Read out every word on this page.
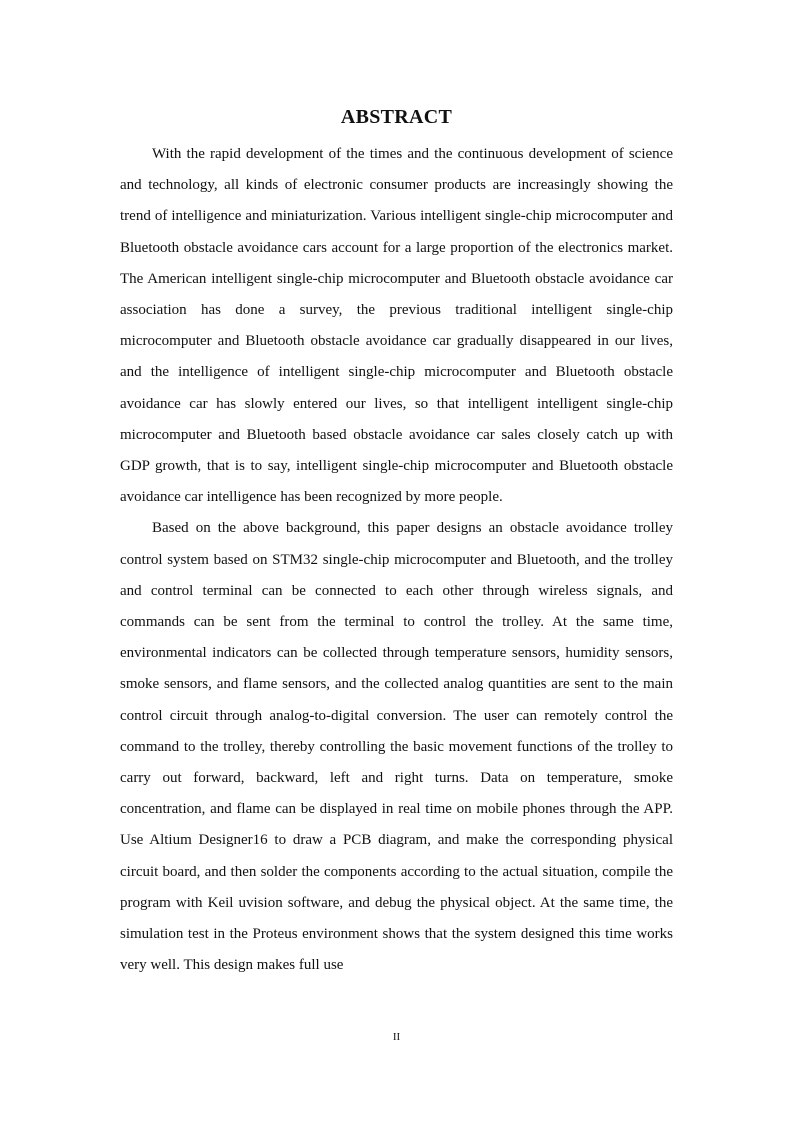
ABSTRACT

With the rapid development of the times and the continuous development of science and technology, all kinds of electronic consumer products are increasingly showing the trend of intelligence and miniaturization. Various intelligent single-chip microcomputer and Bluetooth obstacle avoidance cars account for a large proportion of the electronics market. The American intelligent single-chip microcomputer and Bluetooth obstacle avoidance car association has done a survey, the previous traditional intelligent single-chip microcomputer and Bluetooth obstacle avoidance car gradually disappeared in our lives, and the intelligence of intelligent single-chip microcomputer and Bluetooth obstacle avoidance car has slowly entered our lives, so that intelligent intelligent single-chip microcomputer and Bluetooth based obstacle avoidance car sales closely catch up with GDP growth, that is to say, intelligent single-chip microcomputer and Bluetooth obstacle avoidance car intelligence has been recognized by more people.

Based on the above background, this paper designs an obstacle avoidance trolley control system based on STM32 single-chip microcomputer and Bluetooth, and the trolley and control terminal can be connected to each other through wireless signals, and commands can be sent from the terminal to control the trolley. At the same time, environmental indicators can be collected through temperature sensors, humidity sensors, smoke sensors, and flame sensors, and the collected analog quantities are sent to the main control circuit through analog-to-digital conversion. The user can remotely control the command to the trolley, thereby controlling the basic movement functions of the trolley to carry out forward, backward, left and right turns. Data on temperature, smoke concentration, and flame can be displayed in real time on mobile phones through the APP. Use Altium Designer16 to draw a PCB diagram, and make the corresponding physical circuit board, and then solder the components according to the actual situation, compile the program with Keil uvision software, and debug the physical object. At the same time, the simulation test in the Proteus environment shows that the system designed this time works very well. This design makes full use

II
